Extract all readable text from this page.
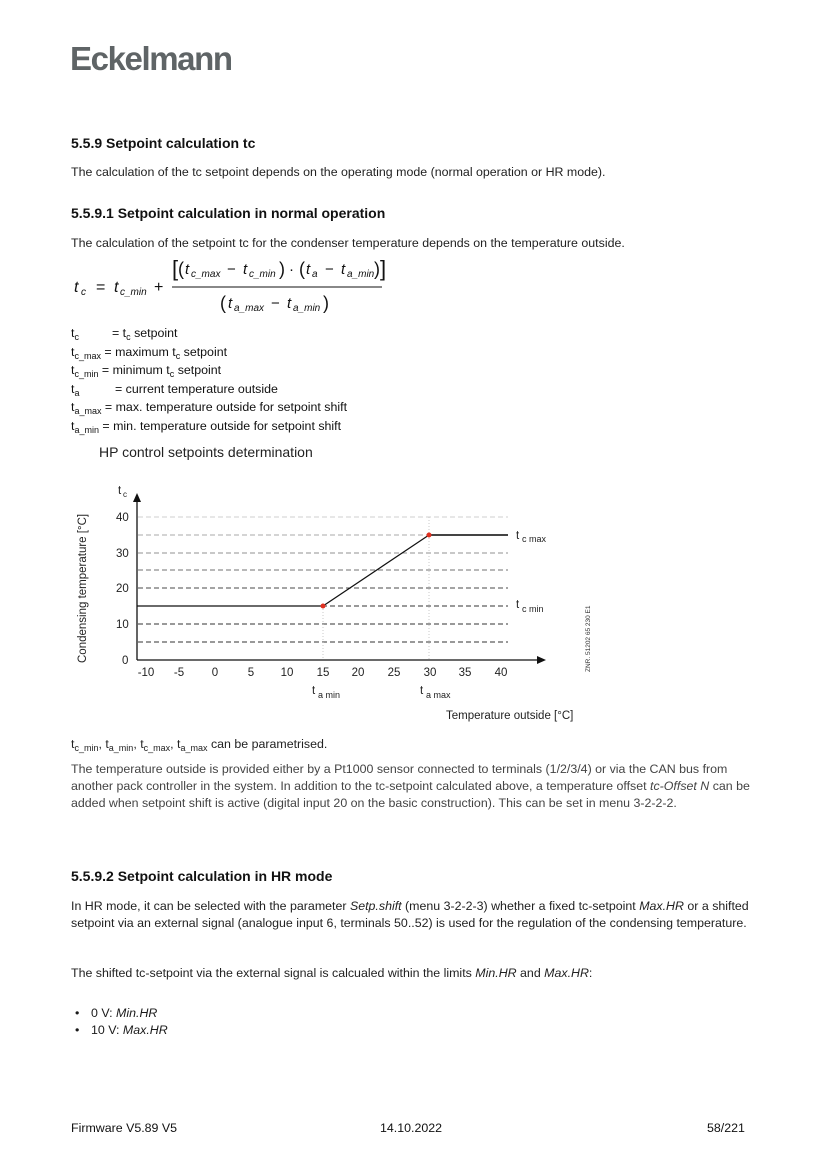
Eckelmann
5.5.9 Setpoint calculation tc
The calculation of the tc setpoint depends on the operating mode (normal operation or HR mode).
5.5.9.1 Setpoint calculation in normal operation
The calculation of the setpoint tc for the condenser temperature depends on the temperature outside.
t c = t c_min +
[ ( t c_max − t c_min ) · ( t a − t a_min ) ]
( t a_max − t a_min )
$t_c$	= $t_c$ setpoint
$t_{c\_max}$ = maximum $t_c$ setpoint
$t_{c\_min}$ = minimum $t_c$ setpoint
$t_a$	= current temperature outside
$t_{a\_max} = \max$. temperature outside for setpoint shift
$t_{a\_min} = \min$. temperature outside for setpoint shift
HP control setpoints determination
t c
40
30
20
10
0
-10 -5 0	5 10 15 20 25 30 35 40
t a min	t a max
t c max
t c min
Temperature outside [°C]
Condensing temperature [°C]	ZNR. 51202 65 230 E1
$t_{c\_min}$, $t_{a\_min}$, $t_{c\_max}$, $t_{a\_max}$ can be parametrised.
The temperature outside is provided either by a Pt1000 sensor connected to terminals (1/2/3/4) or via the CAN bus from another pack controller in the system. In addition to the tc-setpoint calculated above, a temperature offset tc-Offset N can be added when setpoint shift is active (digital input 20 on the basic construction). This can be set in menu 3-2-2-2.
5.5.9.2 Setpoint calculation in HR mode
In HR mode, it can be selected with the parameter Setp.shift (menu 3-2-2-3) whether a fixed tc-setpoint Max.HR or a shifted setpoint via an external signal (analogue input 6, terminals 50..52) is used for the regulation of the condensing temperature.
The shifted tc-setpoint via the external signal is calcualed within the limits Min.HR and Max.HR:
• 0 V: Min.HR
• 10 V: Max.HR
Firmware V5.89 V5	14.10.2022	58/221
